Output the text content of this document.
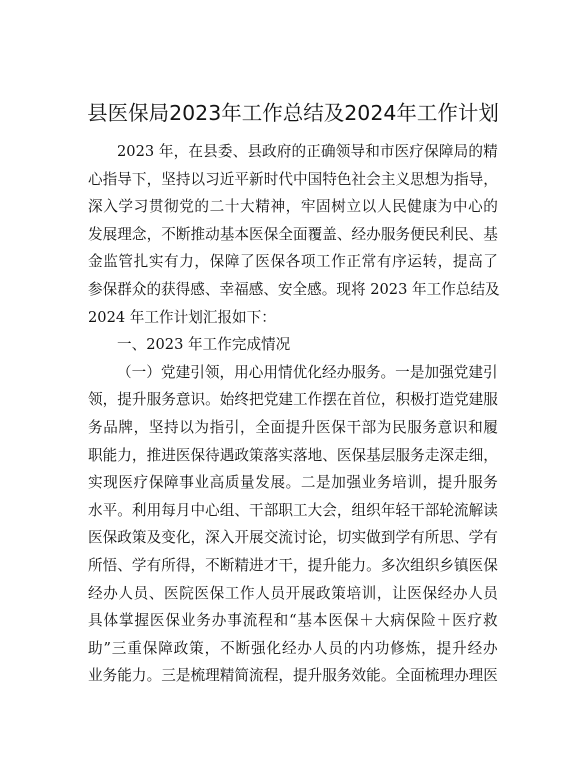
县医保局2023年工作总结及2024年工作计划
2023 年 ， 在 县 委 、 县 政 府 的 正 确 领 导 和 市 医 疗 保 障 局 的 精
心 指 导 下 ， 坚 持 以 习 近 平 新 时 代 中 国 特 色 社 会 主 义 思 想 为 指 导 ，
深 入 学 习 贯 彻 党 的 二 十 大 精 神 ， 牢 固 树 立 以 人 民 健 康 为 中 心 的
发 展 理 念 ， 不 断 推 动 基 本 医 保 全 面 覆 盖 、 经 办 服 务 便 民 利 民 、 基
金 监 管 扎 实 有 力 ， 保 障 了 医 保 各 项 工 作 正 常 有 序 运 转 ， 提 高 了
参 保 群 众 的 获 得 感 、 幸 福 感 、 安 全 感 。 现 将
2023 年 工 作 总 结 及
2024 年 工 作 计 划 汇 报 如 下 ：
一 、 2023 年 工 作 完 成 情 况
（ 一 ） 党 建 引 领 ， 用 心 用 情 优 化 经 办 服 务 。 一 是 加 强 党 建 引
领 ， 提 升 服 务 意 识 。 始 终 把 党 建 工 作 摆 在 首 位 ， 积 极 打 造 党 建 服
务 品 牌 ， 坚 持 以 为 指 引 ， 全 面 提 升 医 保 干 部 为 民 服 务 意 识 和 履
职 能 力 ， 推 进 医 保 待 遇 政 策 落 实 落 地 、 医 保 基 层 服 务 走 深 走 细 ，
实 现 医 疗 保 障 事 业 高 质 量 发 展 。 二 是 加 强 业 务 培 训 ， 提 升 服 务
水 平 。 利 用 每 月 中 心 组 、 干 部 职 工 大 会 ， 组 织 年 轻 干 部 轮 流 解 读
医 保 政 策 及 变 化 ， 深 入 开 展 交 流 讨 论 ， 切 实 做 到 学 有 所 思 、 学 有
所 悟 、 学 有 所 得 ， 不 断 精 进 才 干 ， 提 升 能 力 。 多 次 组 织 乡 镇 医 保
经 办 人 员 、 医 院 医 保 工 作 人 员 开 展 政 策 培 训 ， 让 医 保 经 办 人 员
具 体 掌 握 医 保 业 务 办 事 流 程 和 “ 基 本 医 保 ＋ 大 病 保 险 ＋ 医 疗 救
助 ” 三 重 保 障 政 策 ， 不 断 强 化 经 办 人 员 的 内 功 修 炼 ， 提 升 经 办
业 务 能 力 。 三 是 梳 理 精 简 流 程 ， 提 升 服 务 效 能 。 全 面 梳 理 办 理 医
